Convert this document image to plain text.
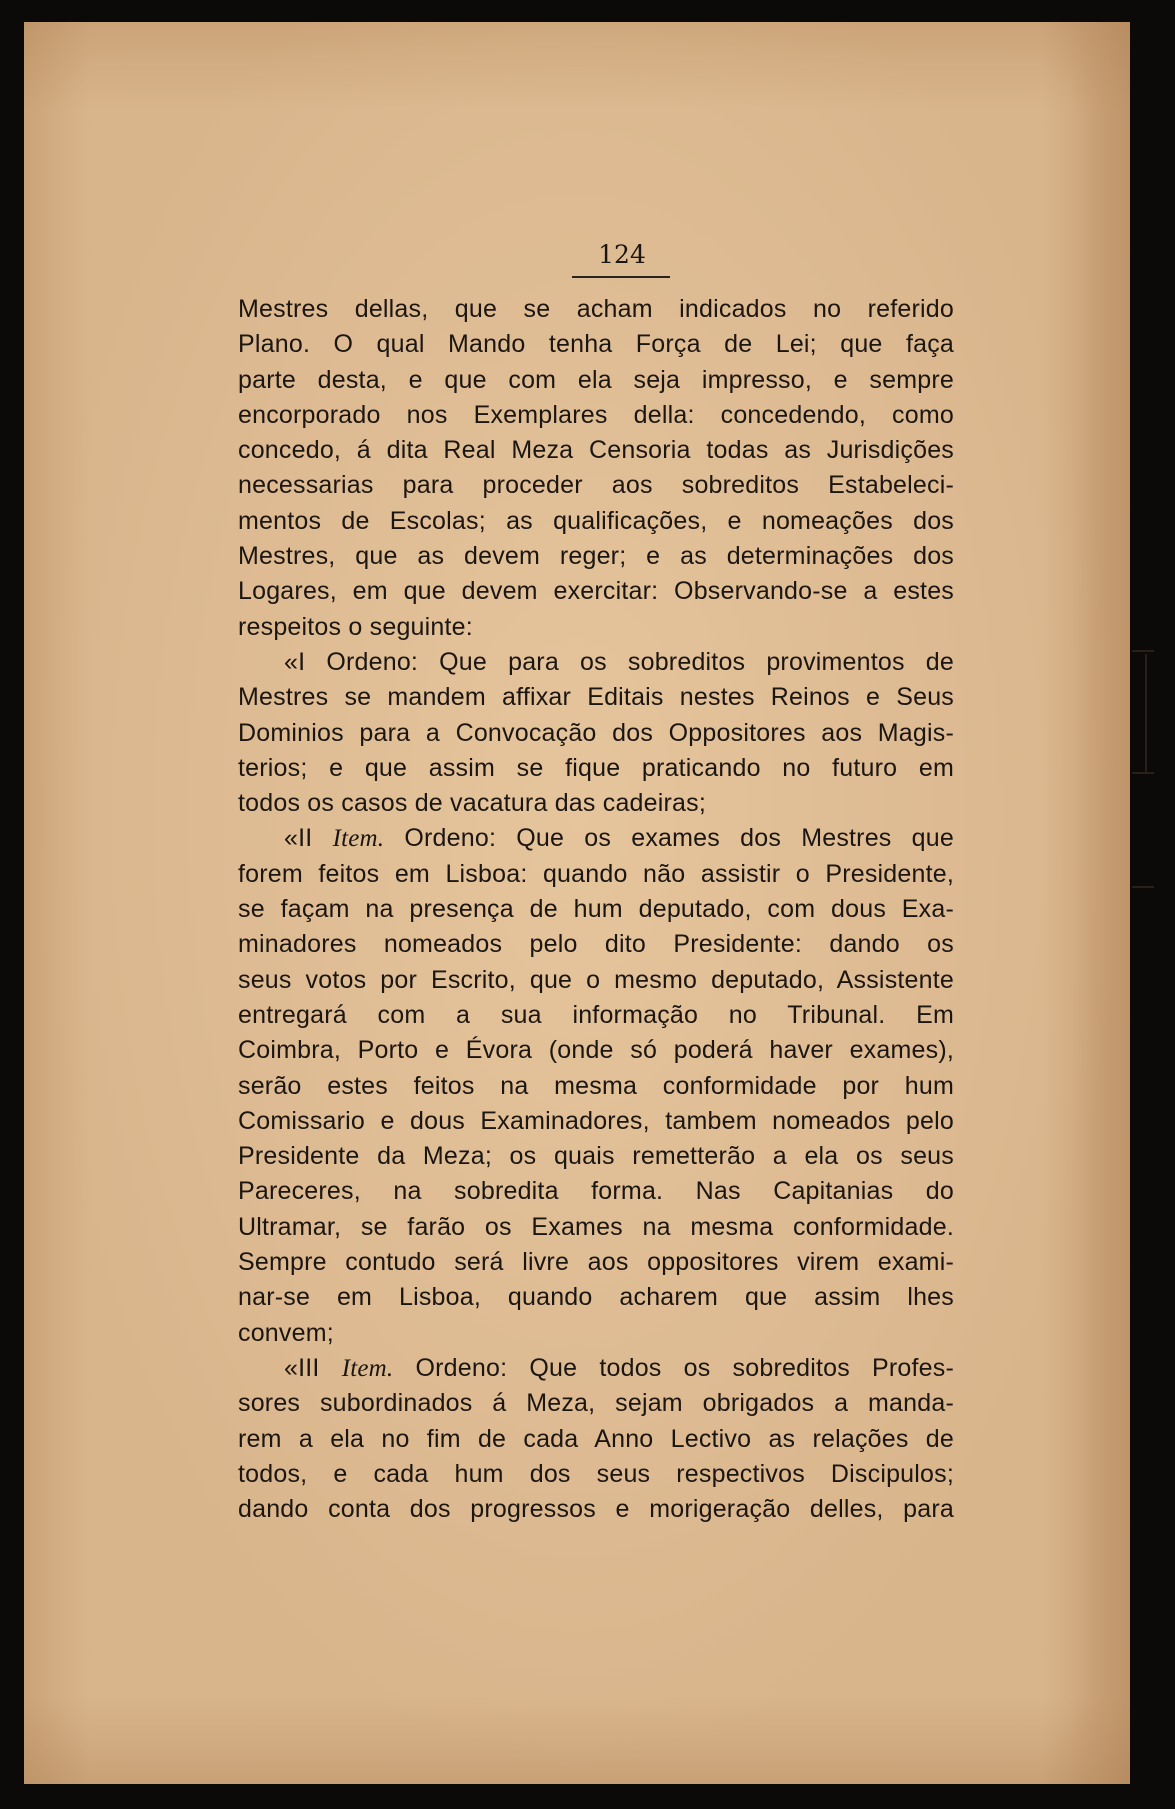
124
Mestres dellas, que se acham indicados no referido
Plano. O qual Mando tenha Força de Lei; que faça
parte desta, e que com ela seja impresso, e sempre
encorporado nos Exemplares della: concedendo, como
concedo, á dita Real Meza Censoria todas as Jurisdições
necessarias para proceder aos sobreditos Estabeleci-
mentos de Escolas; as qualificações, e nomeações dos
Mestres, que as devem reger; e as determinações dos
Logares, em que devem exercitar: Observando-se a estes
respeitos o seguinte:
«I Ordeno: Que para os sobreditos provimentos de
Mestres se mandem affixar Editais nestes Reinos e Seus
Dominios para a Convocação dos Oppositores aos Magis-
terios; e que assim se fique praticando no futuro em
todos os casos de vacatura das cadeiras;
«II Item. Ordeno: Que os exames dos Mestres que
forem feitos em Lisboa: quando não assistir o Presidente,
se façam na presença de hum deputado, com dous Exa-
minadores nomeados pelo dito Presidente: dando os
seus votos por Escrito, que o mesmo deputado, Assistente
entregará com a sua informação no Tribunal. Em
Coimbra, Porto e Évora (onde só poderá haver exames),
serão estes feitos na mesma conformidade por hum
Comissario e dous Examinadores, tambem nomeados pelo
Presidente da Meza; os quais remetterão a ela os seus
Pareceres, na sobredita forma. Nas Capitanias do
Ultramar, se farão os Exames na mesma conformidade.
Sempre contudo será livre aos oppositores virem exami-
nar-se em Lisboa, quando acharem que assim lhes
convem;
«III Item. Ordeno: Que todos os sobreditos Profes-
sores subordinados á Meza, sejam obrigados a manda-
rem a ela no fim de cada Anno Lectivo as relações de
todos, e cada hum dos seus respectivos Discipulos;
dando conta dos progressos e morigeração delles, para
